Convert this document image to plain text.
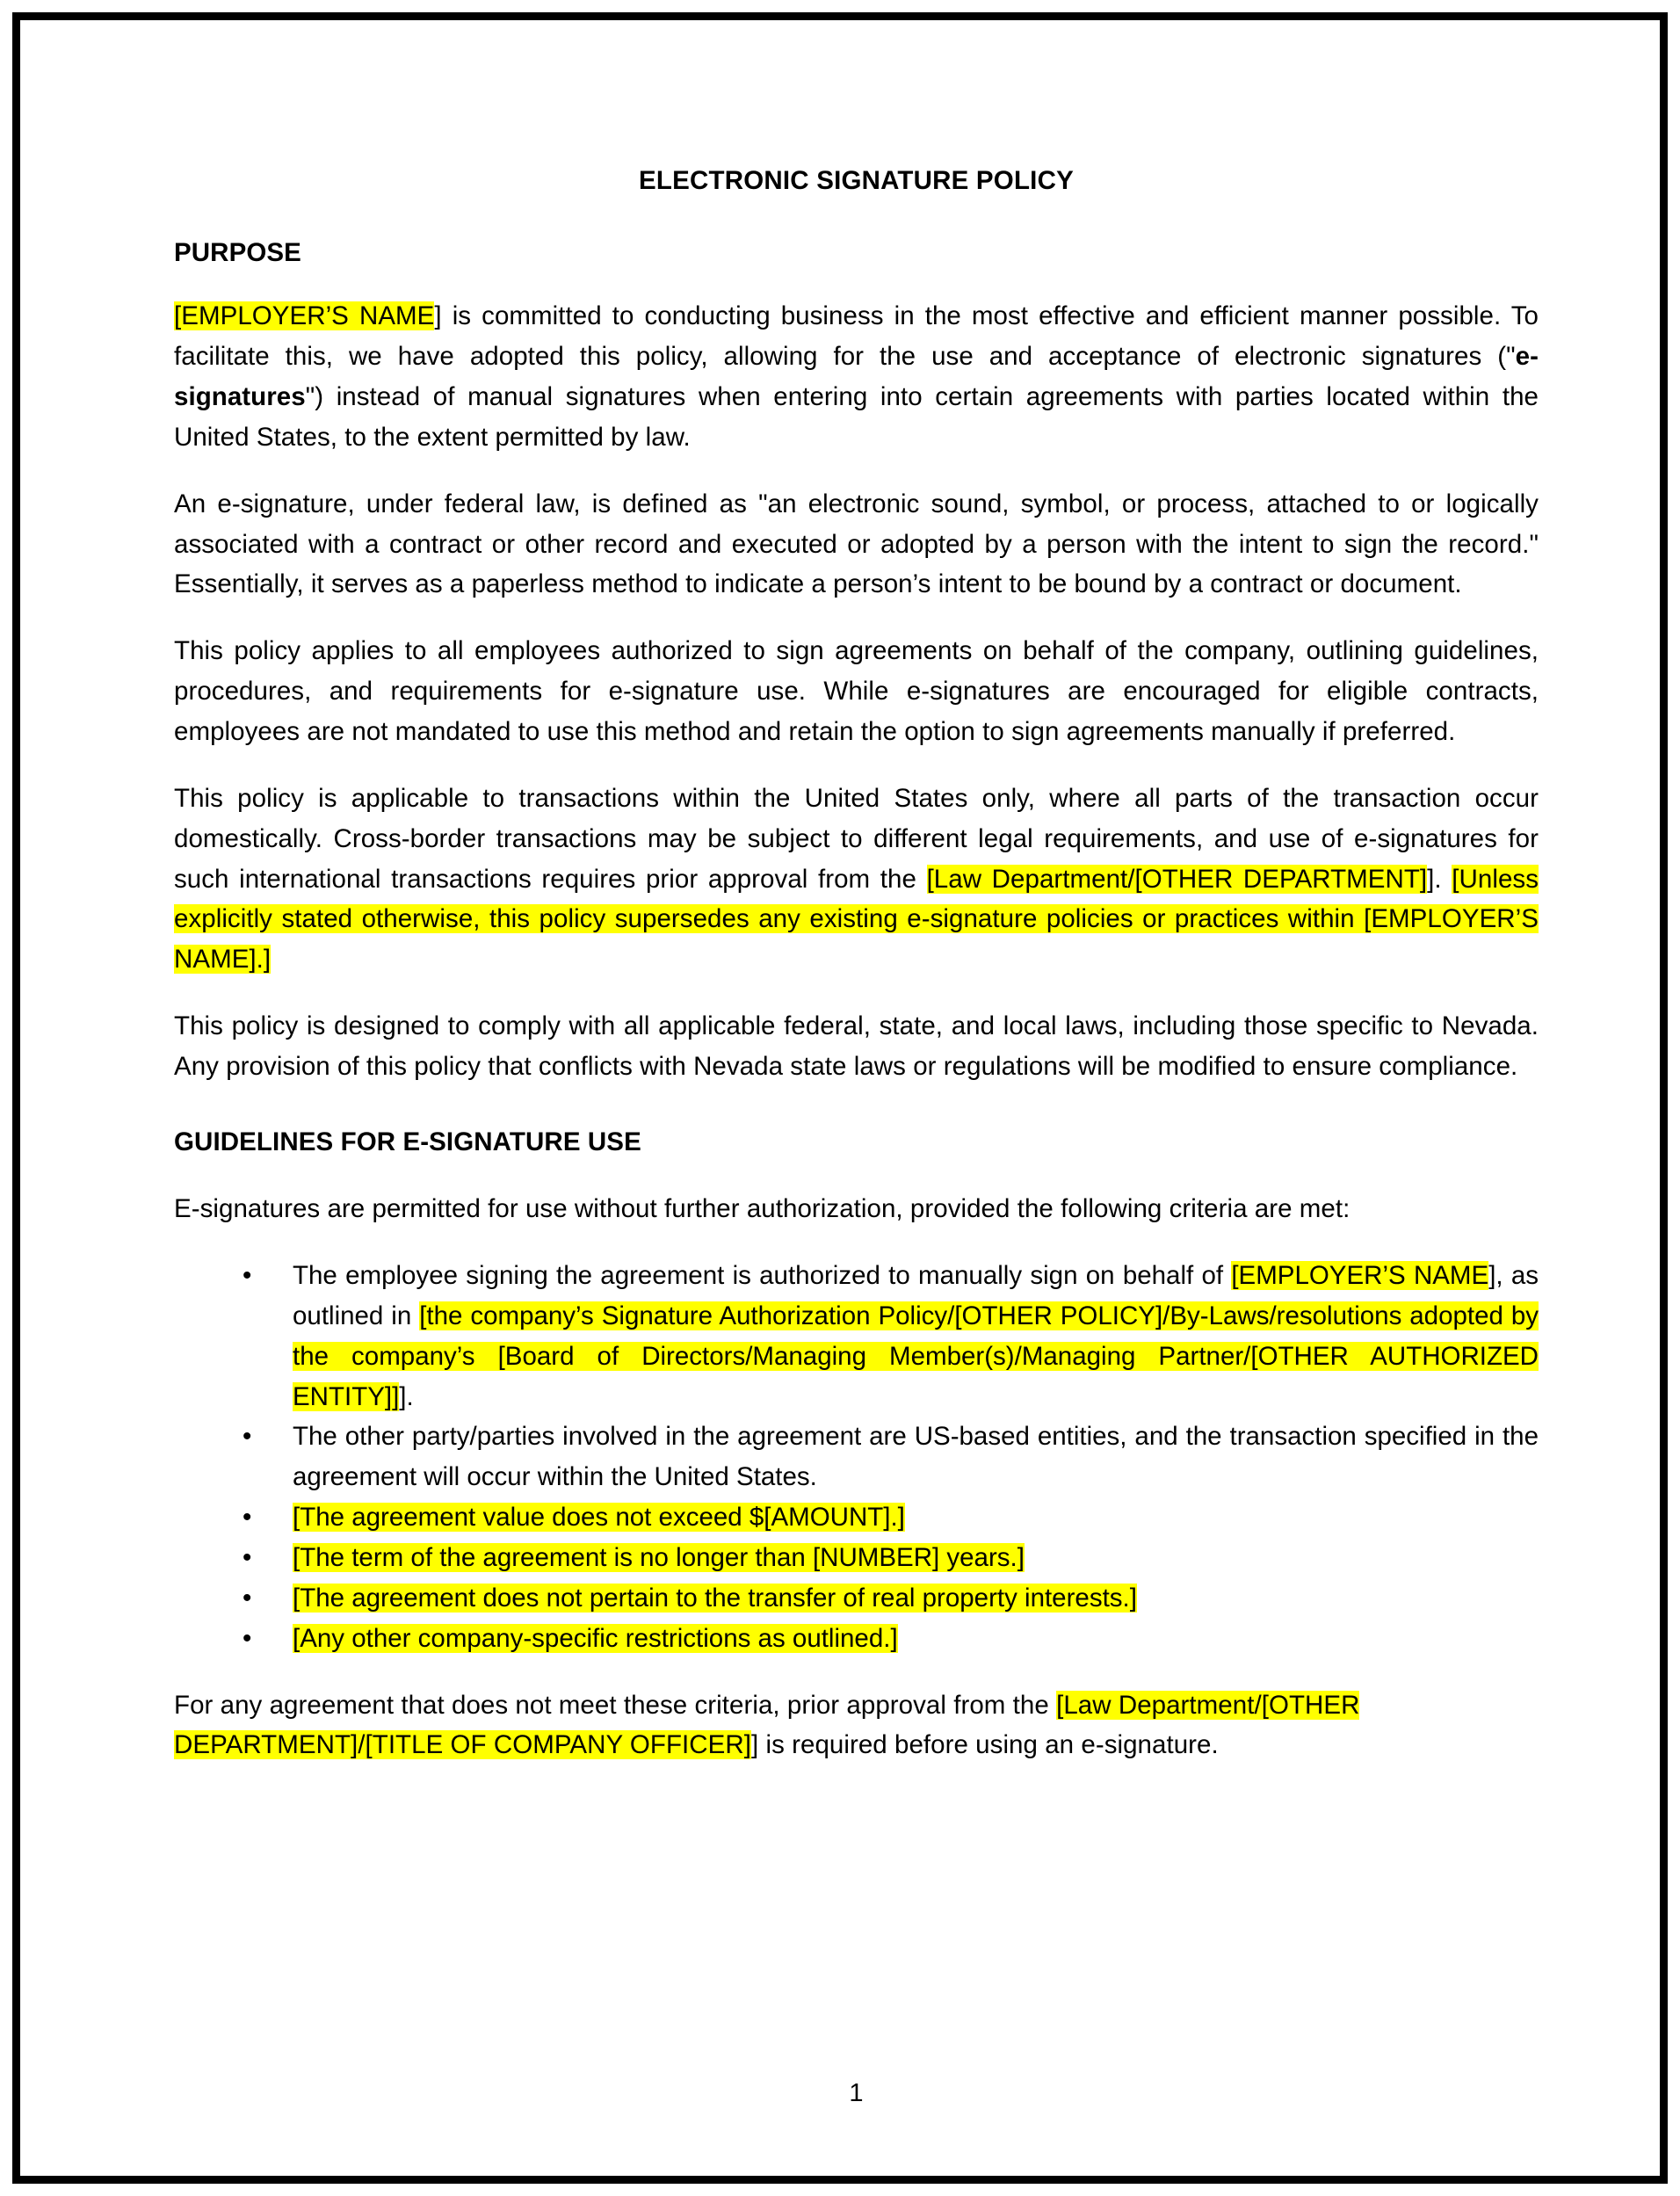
ELECTRONIC SIGNATURE POLICY
PURPOSE

[EMPLOYER’S NAME] is committed to conducting business in the most effective and efficient manner possible. To facilitate this, we have adopted this policy, allowing for the use and acceptance of electronic signatures ("e-signatures") instead of manual signatures when entering into certain agreements with parties located within the United States, to the extent permitted by law.

An e-signature, under federal law, is defined as "an electronic sound, symbol, or process, attached to or logically associated with a contract or other record and executed or adopted by a person with the intent to sign the record." Essentially, it serves as a paperless method to indicate a person’s intent to be bound by a contract or document.

This policy applies to all employees authorized to sign agreements on behalf of the company, outlining guidelines, procedures, and requirements for e-signature use. While e-signatures are encouraged for eligible contracts, employees are not mandated to use this method and retain the option to sign agreements manually if preferred.

This policy is applicable to transactions within the United States only, where all parts of the transaction occur domestically. Cross-border transactions may be subject to different legal requirements, and use of e-signatures for such international transactions requires prior approval from the [Law Department/[OTHER DEPARTMENT]]. [Unless explicitly stated otherwise, this policy supersedes any existing e-signature policies or practices within [EMPLOYER’S NAME].]

This policy is designed to comply with all applicable federal, state, and local laws, including those specific to Nevada. Any provision of this policy that conflicts with Nevada state laws or regulations will be modified to ensure compliance.

GUIDELINES FOR E-SIGNATURE USE

E-signatures are permitted for use without further authorization, provided the following criteria are met:

• The employee signing the agreement is authorized to manually sign on behalf of [EMPLOYER’S NAME], as outlined in [the company’s Signature Authorization Policy/[OTHER POLICY]/By-Laws/resolutions adopted by the company’s [Board of Directors/Managing Member(s)/Managing Partner/[OTHER AUTHORIZED ENTITY]]].
• The other party/parties involved in the agreement are US-based entities, and the transaction specified in the agreement will occur within the United States.
• [The agreement value does not exceed $[AMOUNT].]
• [The term of the agreement is no longer than [NUMBER] years.]
• [The agreement does not pertain to the transfer of real property interests.]
• [Any other company-specific restrictions as outlined.]

For any agreement that does not meet these criteria, prior approval from the [Law Department/[OTHER DEPARTMENT]/[TITLE OF COMPANY OFFICER]] is required before using an e-signature.

1
